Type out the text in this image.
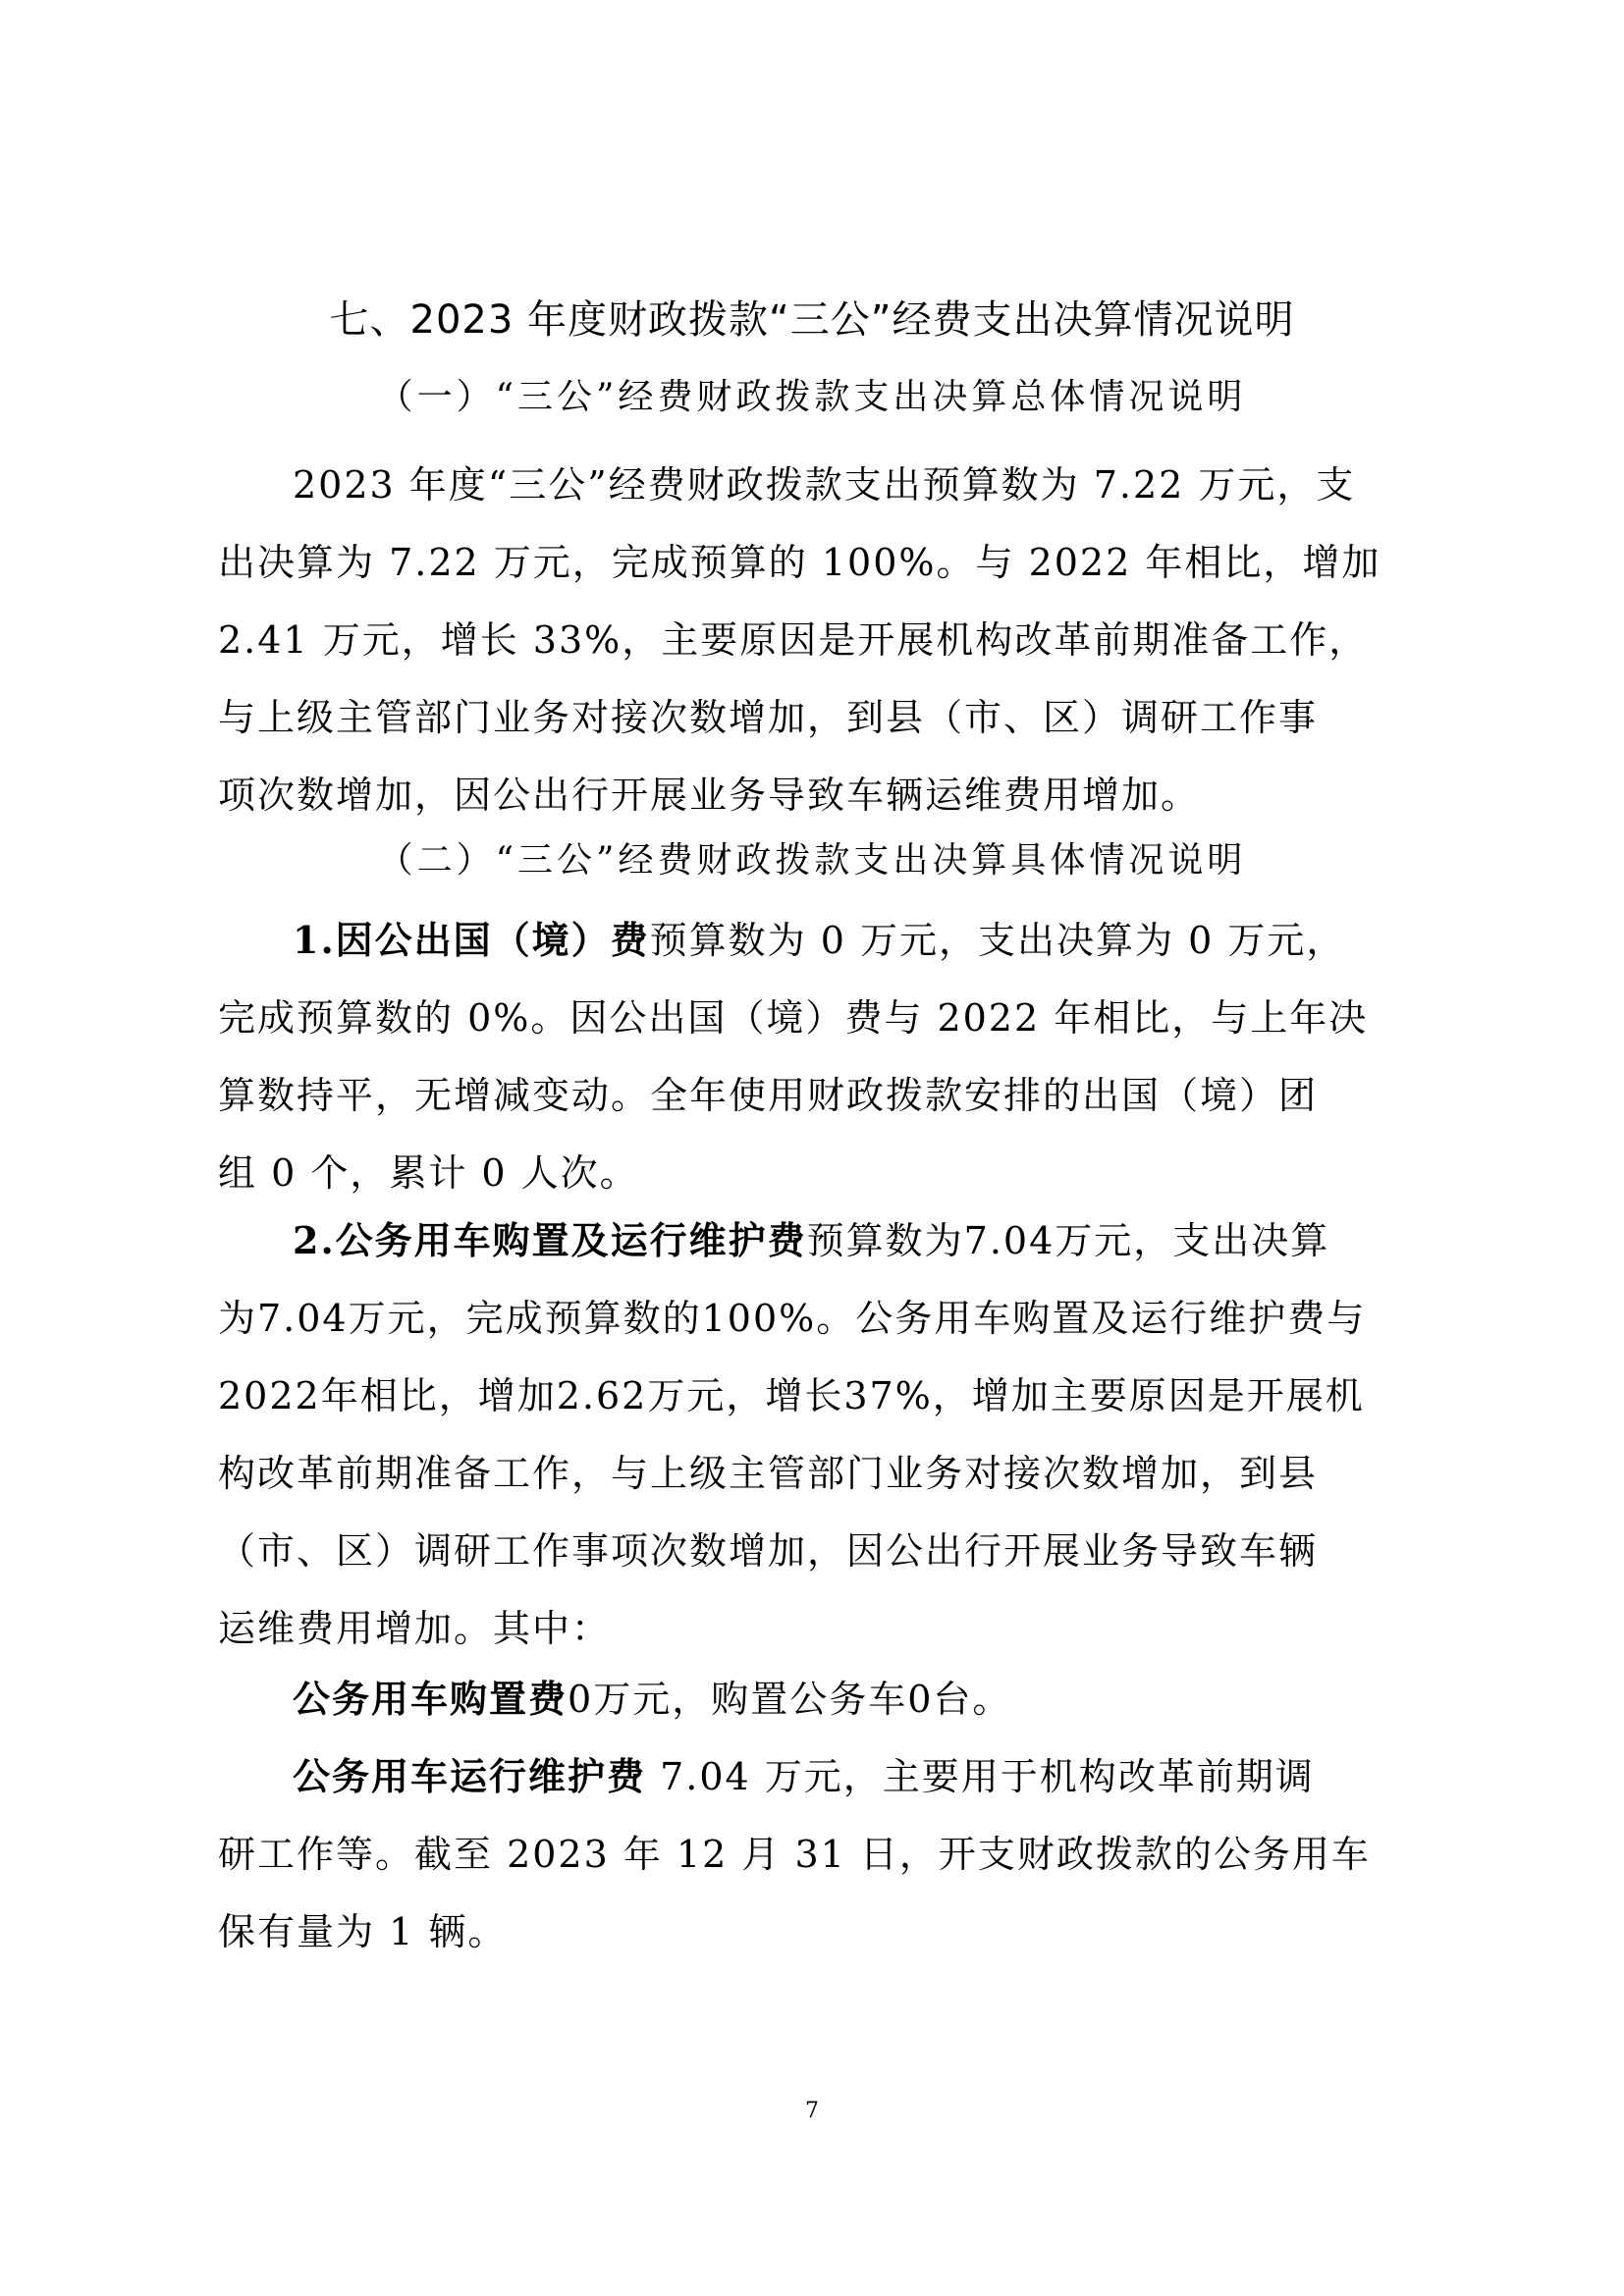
七、2023 年度财政拨款“三公”经费支出决算情况说明
（一）“三公”经费财政拨款支出决算总体情况说明
2023 年度“三公”经费财政拨款支出预算数为 7.22 万元，支
出决算为 7.22 万元，完成预算的 100%。与 2022 年相比，增加
2.41 万元，增长 33%，主要原因是开展机构改革前期准备工作，
与上级主管部门业务对接次数增加，到县（市、区）调研工作事
项次数增加，因公出行开展业务导致车辆运维费用增加。
（二）“三公”经费财政拨款支出决算具体情况说明
1.因公出国（境）费预算数为 0 万元，支出决算为 0 万元，
完成预算数的 0%。因公出国（境）费与 2022 年相比，与上年决
算数持平，无增减变动。全年使用财政拨款安排的出国（境）团
组 0 个，累计 0 人次。
2.公务用车购置及运行维护费预算数为7.04万元，支出决算
为7.04万元，完成预算数的100%。公务用车购置及运行维护费与
2022年相比，增加2.62万元，增长37%，增加主要原因是开展机
构改革前期准备工作，与上级主管部门业务对接次数增加，到县
（市、区）调研工作事项次数增加，因公出行开展业务导致车辆
运维费用增加。其中：
公务用车购置费0万元，购置公务车0台。
公务用车运行维护费 7.04 万元，主要用于机构改革前期调
研工作等。截至 2023 年 12 月 31 日，开支财政拨款的公务用车
保有量为 1 辆。
7
